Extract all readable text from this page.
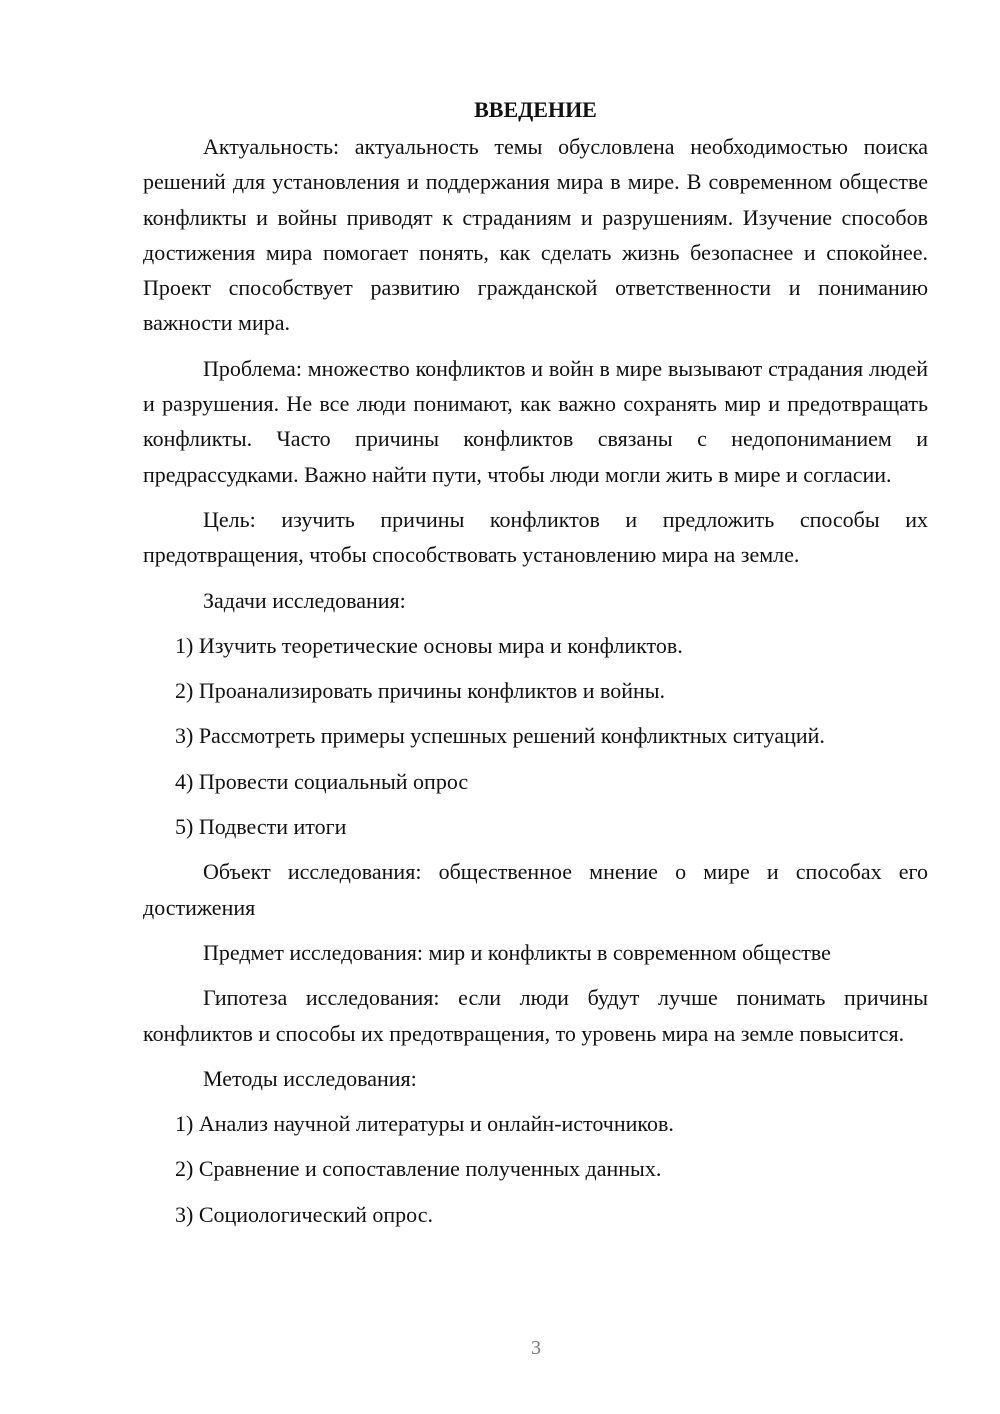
ВВЕДЕНИЕ
Актуальность: актуальность темы обусловлена необходимостью поиска решений для установления и поддержания мира в мире. В современном обществе конфликты и войны приводят к страданиям и разрушениям. Изучение способов достижения мира помогает понять, как сделать жизнь безопаснее и спокойнее. Проект способствует развитию гражданской ответственности и пониманию важности мира.
Проблема: множество конфликтов и войн в мире вызывают страдания людей и разрушения. Не все люди понимают, как важно сохранять мир и предотвращать конфликты. Часто причины конфликтов связаны с недопониманием и предрассудками. Важно найти пути, чтобы люди могли жить в мире и согласии.
Цель: изучить причины конфликтов и предложить способы их предотвращения, чтобы способствовать установлению мира на земле.
Задачи исследования:
1) Изучить теоретические основы мира и конфликтов.
2) Проанализировать причины конфликтов и войны.
3) Рассмотреть примеры успешных решений конфликтных ситуаций.
4) Провести социальный опрос
5) Подвести итоги
Объект исследования: общественное мнение о мире и способах его достижения
Предмет исследования: мир и конфликты в современном обществе
Гипотеза исследования: если люди будут лучше понимать причины конфликтов и способы их предотвращения, то уровень мира на земле повысится.
Методы исследования:
1) Анализ научной литературы и онлайн-источников.
2) Сравнение и сопоставление полученных данных.
3) Социологический опрос.
3
